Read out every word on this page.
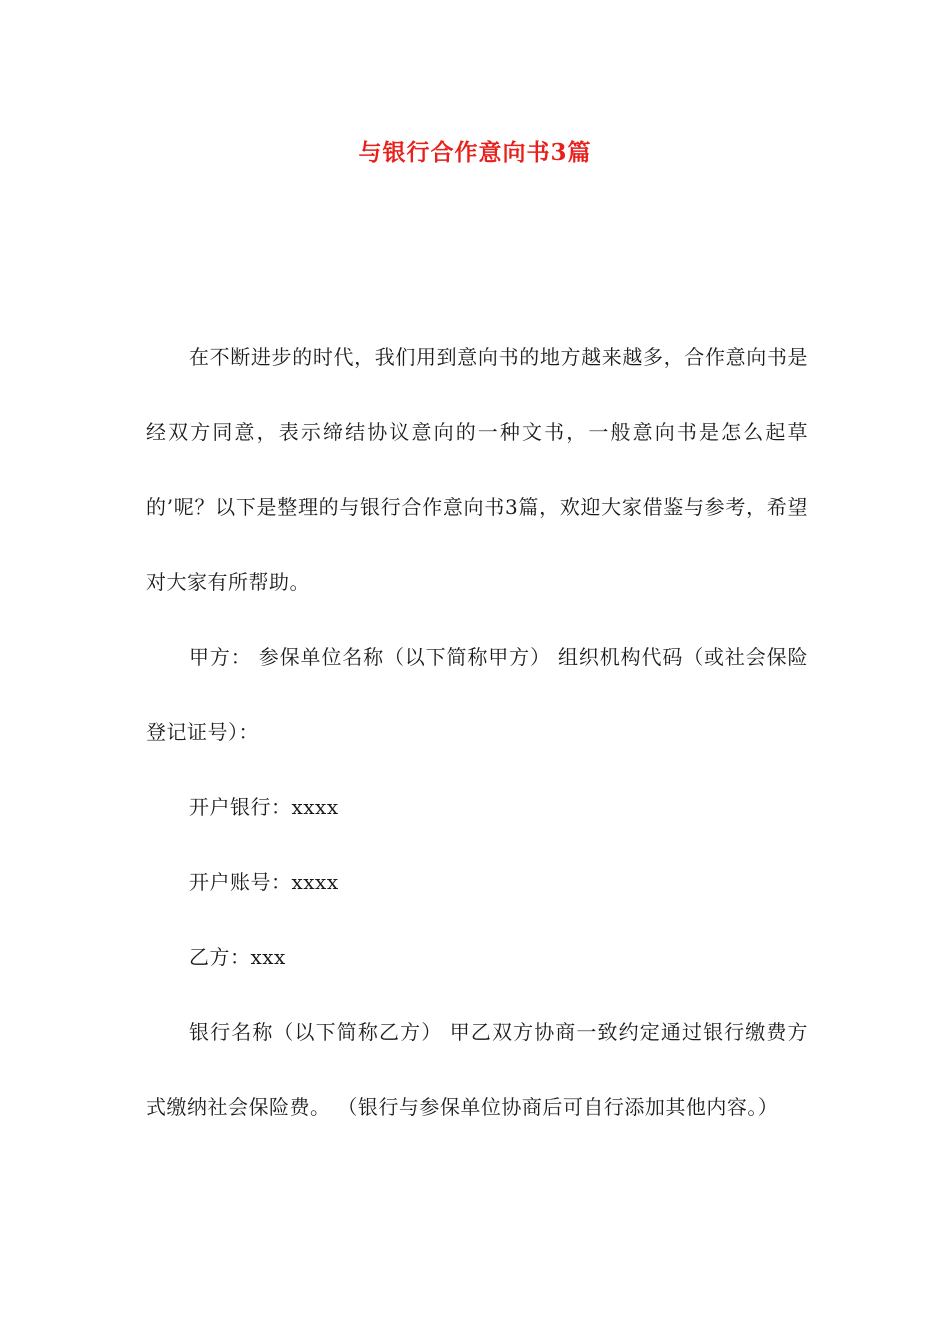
与银行合作意向书3篇

在不断进步的时代，我们用到意向书的地方越来越多，合作意向书是经双方同意，表示缔结协议意向的一种文书，一般意向书是怎么起草的’呢？以下是整理的与银行合作意向书3篇，欢迎大家借鉴与参考，希望对大家有所帮助。

甲方： 参保单位名称（以下简称甲方） 组织机构代码（或社会保险登记证号）：

开户银行：xxxx

开户账号：xxxx

乙方：xxx

银行名称（以下简称乙方） 甲乙双方协商一致约定通过银行缴费方式缴纳社会保险费。 （银行与参保单位协商后可自行添加其他内容。）
